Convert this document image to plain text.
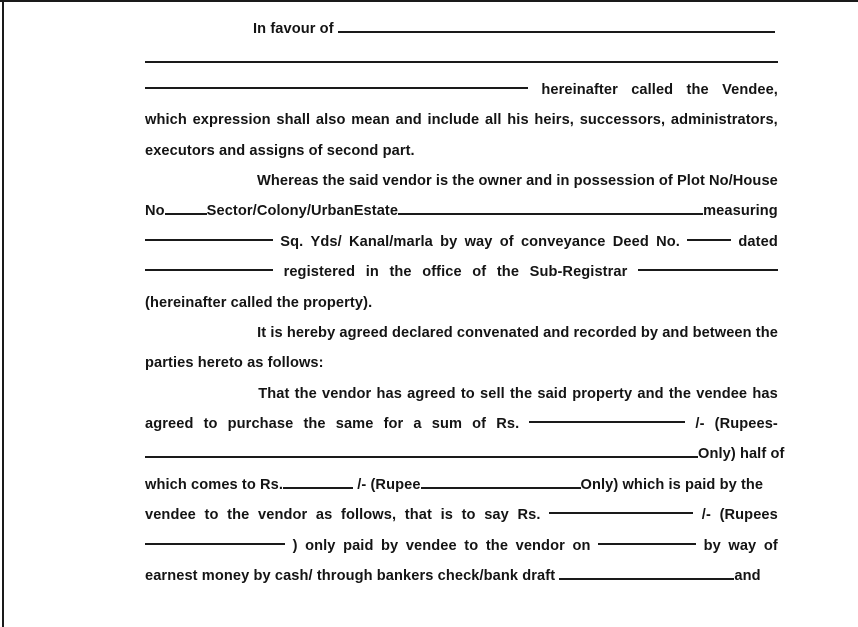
In favour of
hereinafter called the Vendee,
which expression shall also mean and include all his heirs, successors, administrators,
executors and assigns of second part.
Whereas the said vendor is the owner and in possession of Plot No/House
No	Sector/Colony/UrbanEstate	measuring
Sq. Yds/ Kanal/marla by way of conveyance Deed No.	dated
registered in the office of the Sub-Registrar
(hereinafter called the property).
It is hereby agreed declared convenated and recorded by and between the
parties hereto as follows:
That the vendor has agreed to sell the said property and the vendee has
agreed to purchase the same for a sum of Rs.	/- (Rupees-
Only) half of
which comes to Rs.	/- (Rupee	Only) which is paid by the
vendee to the vendor as follows, that is to say Rs.	/- (Rupees
) only paid by vendee to the vendor on	by way of
earnest money by cash/ through bankers check/bank draft	and
